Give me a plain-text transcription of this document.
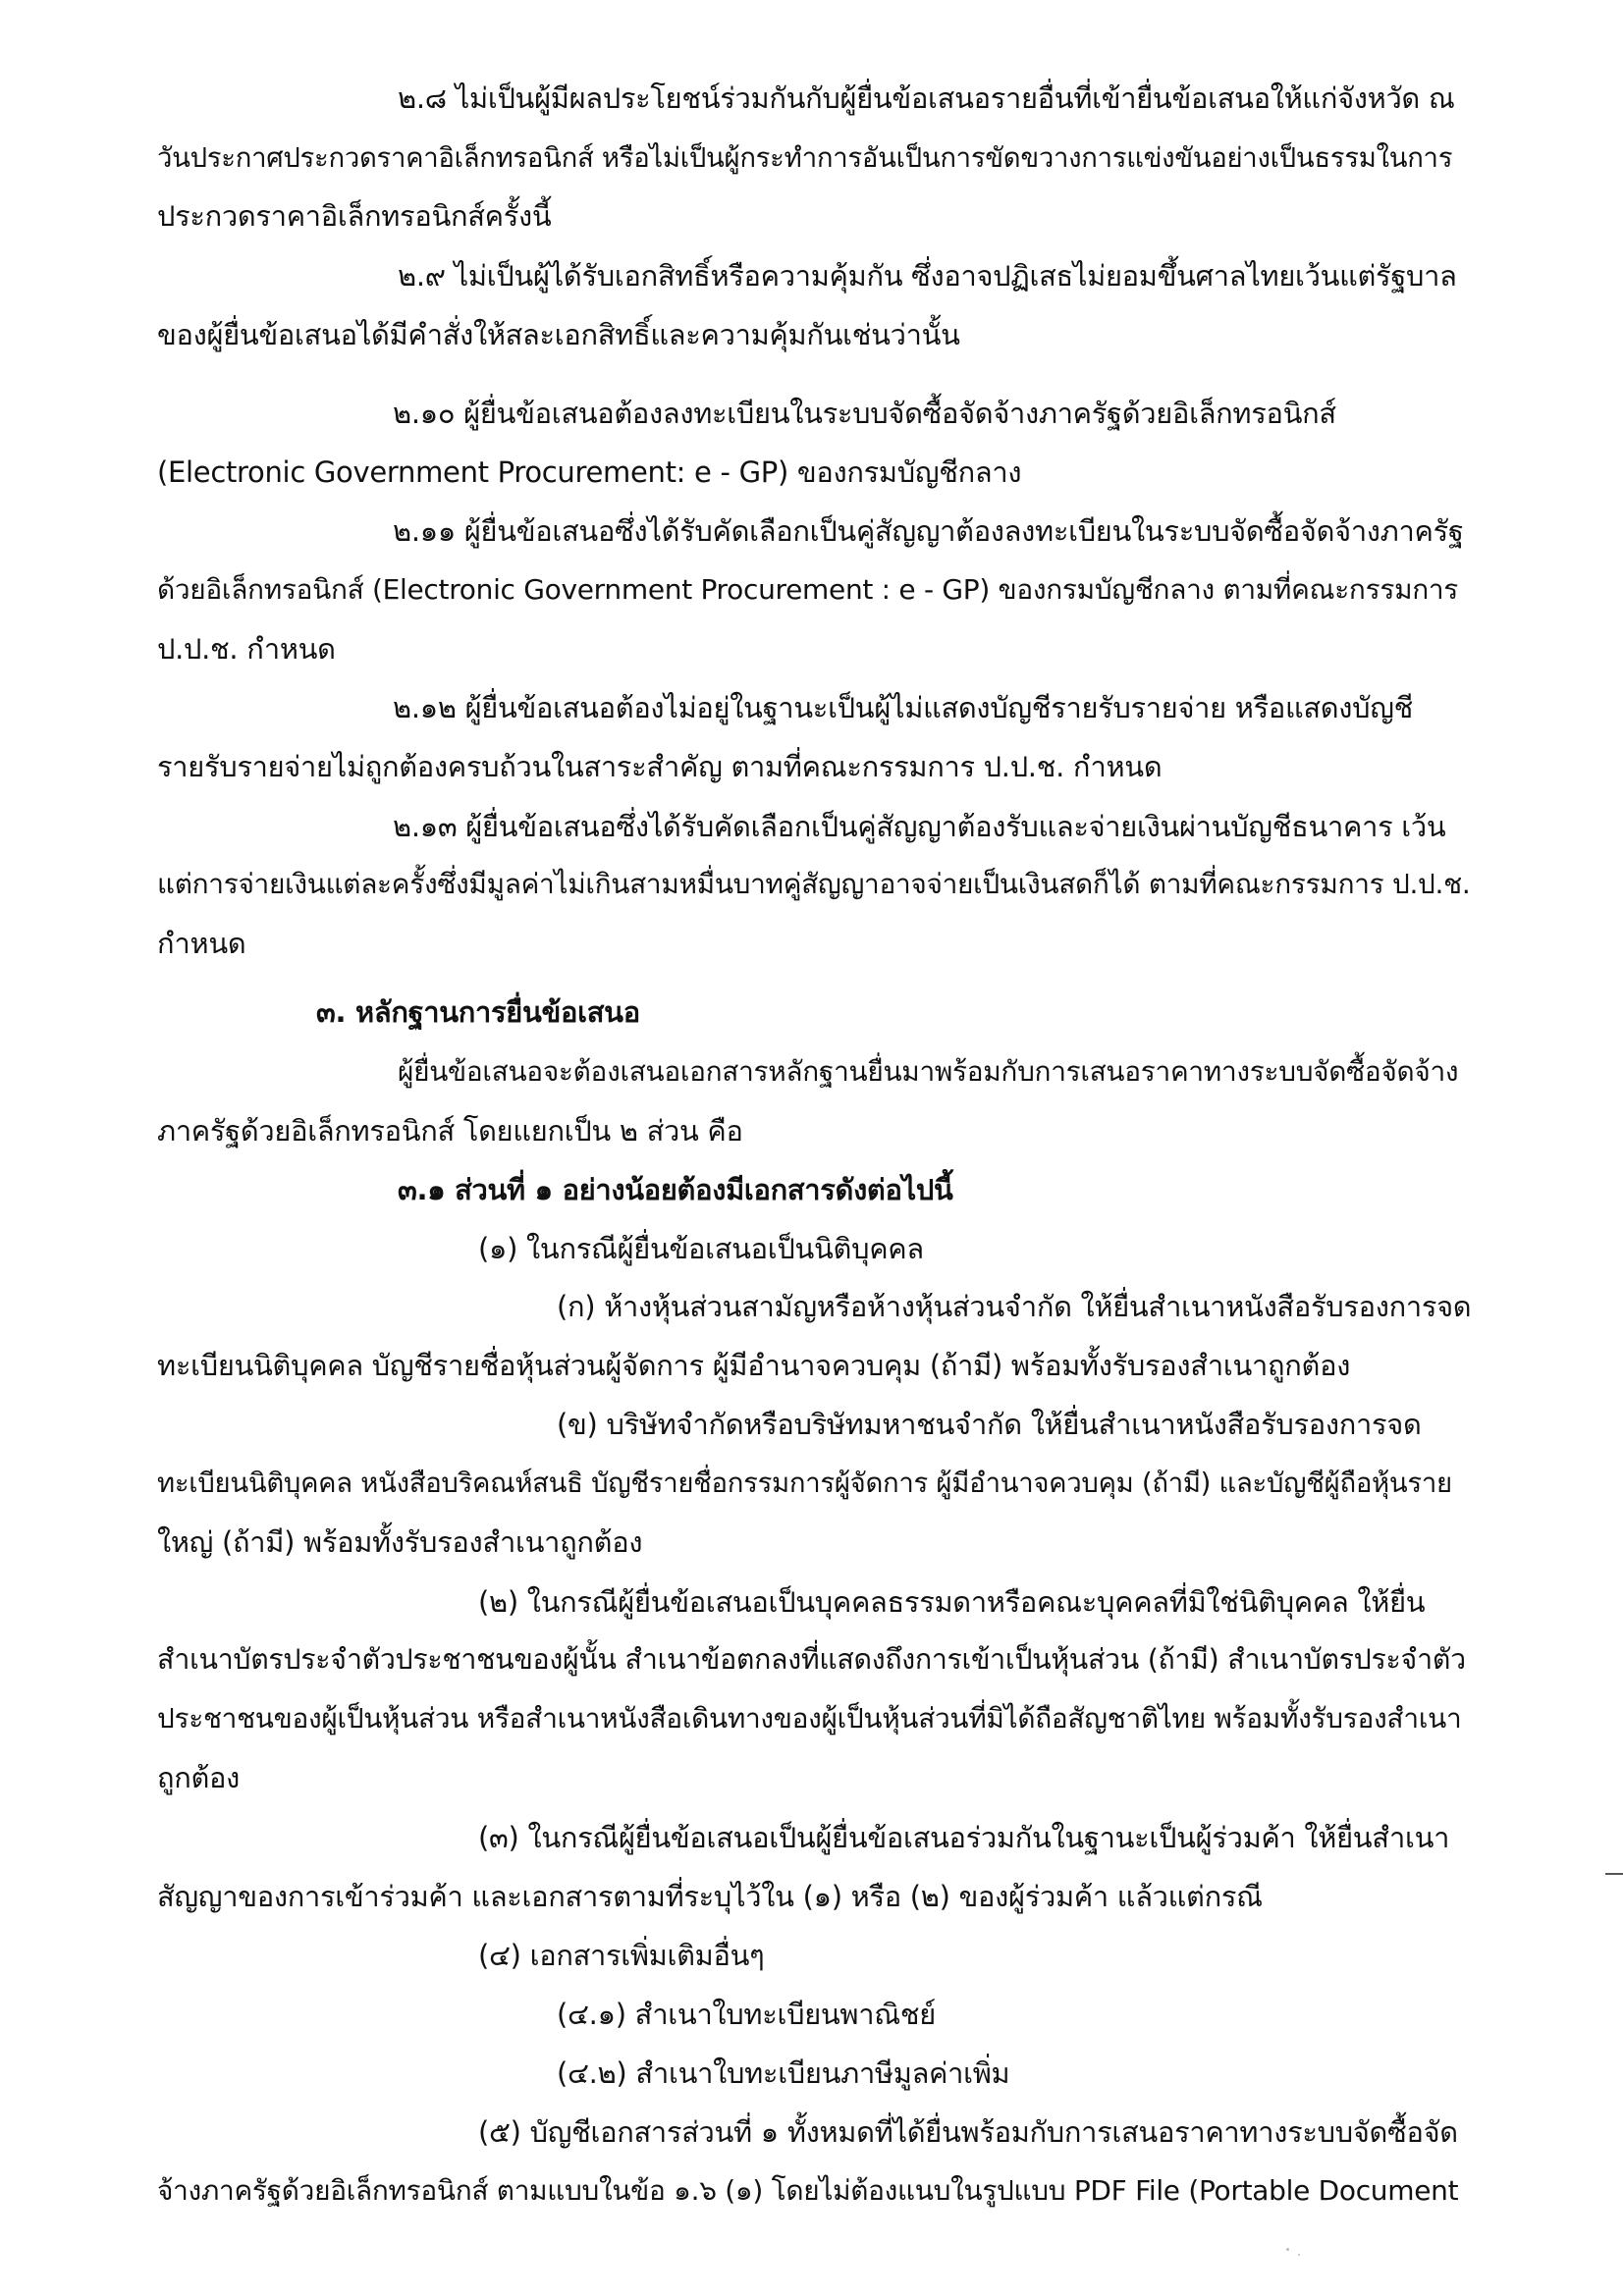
๒.๘ ไม่เป็นผู้มีผลประโยชน์ร่วมกันกับผู้ยื่นข้อเสนอรายอื่นที่เข้ายื่นข้อเสนอให้แก่จังหวัด ณ
วันประกาศประกวดราคาอิเล็กทรอนิกส์ หรือไม่เป็นผู้กระทำการอันเป็นการขัดขวางการแข่งขันอย่างเป็นธรรมในการ
ประกวดราคาอิเล็กทรอนิกส์ครั้งนี้
๒.๙ ไม่เป็นผู้ได้รับเอกสิทธิ์หรือความคุ้มกัน ซึ่งอาจปฏิเสธไม่ยอมขึ้นศาลไทยเว้นแต่รัฐบาล
ของผู้ยื่นข้อเสนอได้มีคำสั่งให้สละเอกสิทธิ์และความคุ้มกันเช่นว่านั้น
๒.๑๐ ผู้ยื่นข้อเสนอต้องลงทะเบียนในระบบจัดซื้อจัดจ้างภาครัฐด้วยอิเล็กทรอนิกส์
(Electronic Government Procurement: e - GP) ของกรมบัญชีกลาง
๒.๑๑ ผู้ยื่นข้อเสนอซึ่งได้รับคัดเลือกเป็นคู่สัญญาต้องลงทะเบียนในระบบจัดซื้อจัดจ้างภาครัฐ
ด้วยอิเล็กทรอนิกส์ (Electronic Government Procurement : e - GP) ของกรมบัญชีกลาง ตามที่คณะกรรมการ
ป.ป.ช. กำหนด
๒.๑๒ ผู้ยื่นข้อเสนอต้องไม่อยู่ในฐานะเป็นผู้ไม่แสดงบัญชีรายรับรายจ่าย หรือแสดงบัญชี
รายรับรายจ่ายไม่ถูกต้องครบถ้วนในสาระสำคัญ ตามที่คณะกรรมการ ป.ป.ช. กำหนด
๒.๑๓ ผู้ยื่นข้อเสนอซึ่งได้รับคัดเลือกเป็นคู่สัญญาต้องรับและจ่ายเงินผ่านบัญชีธนาคาร เว้น
แต่การจ่ายเงินแต่ละครั้งซึ่งมีมูลค่าไม่เกินสามหมื่นบาทคู่สัญญาอาจจ่ายเป็นเงินสดก็ได้ ตามที่คณะกรรมการ ป.ป.ช.
กำหนด
๓. หลักฐานการยื่นข้อเสนอ
ผู้ยื่นข้อเสนอจะต้องเสนอเอกสารหลักฐานยื่นมาพร้อมกับการเสนอราคาทางระบบจัดซื้อจัดจ้าง
ภาครัฐด้วยอิเล็กทรอนิกส์ โดยแยกเป็น ๒ ส่วน คือ
๓.๑ ส่วนที่ ๑ อย่างน้อยต้องมีเอกสารดังต่อไปนี้
(๑) ในกรณีผู้ยื่นข้อเสนอเป็นนิติบุคคล
(ก) ห้างหุ้นส่วนสามัญหรือห้างหุ้นส่วนจำกัด ให้ยื่นสำเนาหนังสือรับรองการจด
ทะเบียนนิติบุคคล บัญชีรายชื่อหุ้นส่วนผู้จัดการ ผู้มีอำนาจควบคุม (ถ้ามี) พร้อมทั้งรับรองสำเนาถูกต้อง
(ข) บริษัทจำกัดหรือบริษัทมหาชนจำกัด ให้ยื่นสำเนาหนังสือรับรองการจด
ทะเบียนนิติบุคคล หนังสือบริคณห์สนธิ บัญชีรายชื่อกรรมการผู้จัดการ ผู้มีอำนาจควบคุม (ถ้ามี) และบัญชีผู้ถือหุ้นราย
ใหญ่ (ถ้ามี) พร้อมทั้งรับรองสำเนาถูกต้อง
(๒) ในกรณีผู้ยื่นข้อเสนอเป็นบุคคลธรรมดาหรือคณะบุคคลที่มิใช่นิติบุคคล ให้ยื่น
สำเนาบัตรประจำตัวประชาชนของผู้นั้น สำเนาข้อตกลงที่แสดงถึงการเข้าเป็นหุ้นส่วน (ถ้ามี) สำเนาบัตรประจำตัว
ประชาชนของผู้เป็นหุ้นส่วน หรือสำเนาหนังสือเดินทางของผู้เป็นหุ้นส่วนที่มิได้ถือสัญชาติไทย พร้อมทั้งรับรองสำเนา
ถูกต้อง
(๓) ในกรณีผู้ยื่นข้อเสนอเป็นผู้ยื่นข้อเสนอร่วมกันในฐานะเป็นผู้ร่วมค้า ให้ยื่นสำเนา
สัญญาของการเข้าร่วมค้า และเอกสารตามที่ระบุไว้ใน (๑) หรือ (๒) ของผู้ร่วมค้า แล้วแต่กรณี
(๔) เอกสารเพิ่มเติมอื่นๆ
(๔.๑) สำเนาใบทะเบียนพาณิชย์
(๔.๒) สำเนาใบทะเบียนภาษีมูลค่าเพิ่ม
(๕) บัญชีเอกสารส่วนที่ ๑ ทั้งหมดที่ได้ยื่นพร้อมกับการเสนอราคาทางระบบจัดซื้อจัด
จ้างภาครัฐด้วยอิเล็กทรอนิกส์ ตามแบบในข้อ ๑.๖ (๑) โดยไม่ต้องแนบในรูปแบบ PDF File (Portable Document
